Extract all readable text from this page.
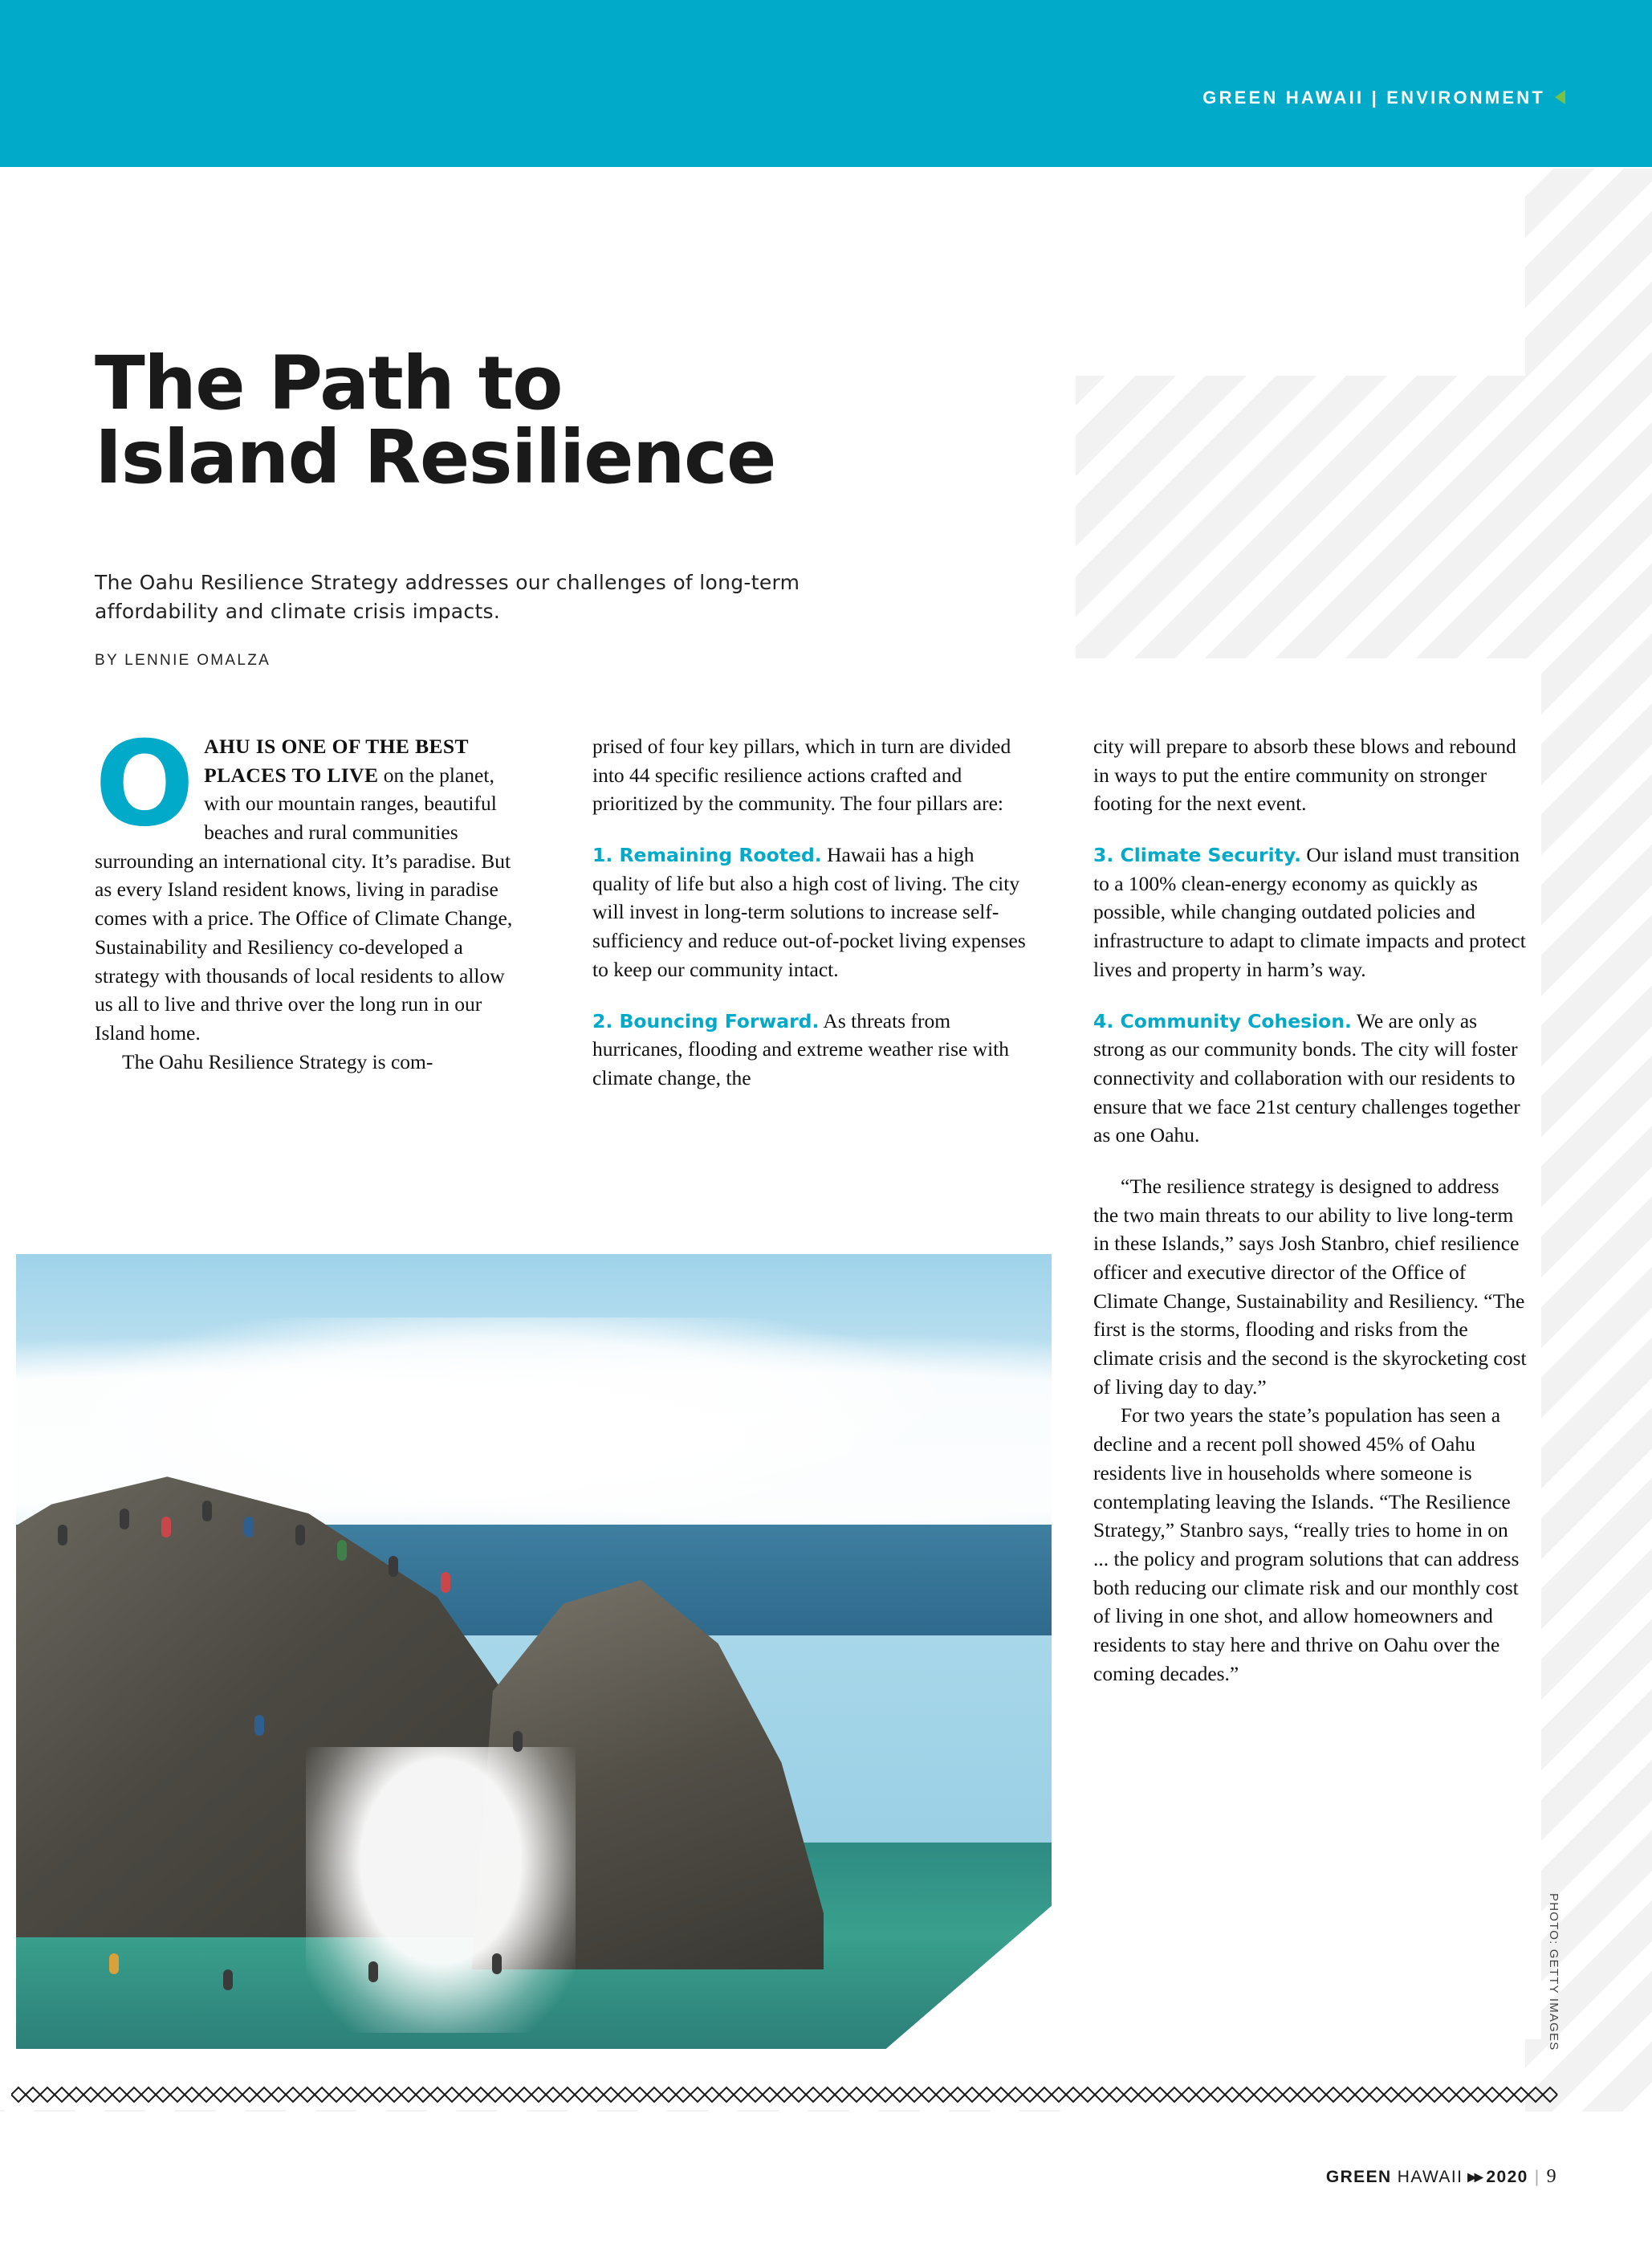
GREEN HAWAII | ENVIRONMENT
The Path to
Island Resilience
The Oahu Resilience Strategy addresses our challenges of long-term affordability and climate crisis impacts.
BY LENNIE OMALZA

OAHU IS ONE OF THE BEST PLACES TO LIVE on the planet, with our mountain ranges, beautiful beaches and rural communities surrounding an international city. It’s paradise. But as every Island resident knows, living in paradise comes with a price. The Office of Climate Change, Sustainability and Resiliency co-developed a strategy with thousands of local residents to allow us all to live and thrive over the long run in our Island home.

The Oahu Resilience Strategy is com-

prised of four key pillars, which in turn are divided into 44 specific resilience actions crafted and prioritized by the community. The four pillars are:

1. Remaining Rooted. Hawaii has a high quality of life but also a high cost of living. The city will invest in long-term solutions to increase self-sufficiency and reduce out-of-pocket living expenses to keep our community intact.

2. Bouncing Forward. As threats from hurricanes, flooding and extreme weather rise with climate change, the

city will prepare to absorb these blows and rebound in ways to put the entire community on stronger footing for the next event.

3. Climate Security. Our island must transition to a 100% clean-energy economy as quickly as possible, while changing outdated policies and infrastructure to adapt to climate impacts and protect lives and property in harm’s way.

4. Community Cohesion. We are only as strong as our community bonds. The city will foster connectivity and collaboration with our residents to ensure that we face 21st century challenges together as one Oahu.

“The resilience strategy is designed to address the two main threats to our ability to live long-term in these Islands,” says Josh Stanbro, chief resilience officer and executive director of the Office of Climate Change, Sustainability and Resiliency. “The first is the storms, flooding and risks from the climate crisis and the second is the skyrocketing cost of living day to day.”

For two years the state’s population has seen a decline and a recent poll showed 45% of Oahu residents live in households where someone is contemplating leaving the Islands. “The Resilience Strategy,” Stanbro says, “really tries to home in on ... the policy and program solutions that can address both reducing our climate risk and our monthly cost of living in one shot, and allow homeowners and residents to stay here and thrive on Oahu over the coming decades.”

PHOTO: GETTY IMAGES
GREEN HAWAII ▸▸ 2020 | 9
